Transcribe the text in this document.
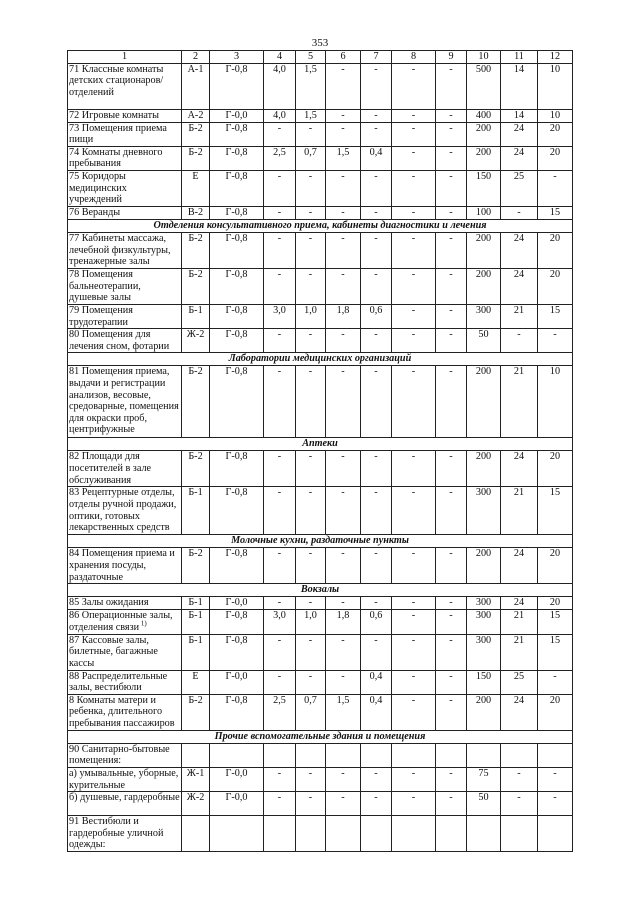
353
1	2	3	4	5	6	7	8	9	10	11	12
71 Классные комнаты детских стационаров/отделений	А-1	Г-0,8	4,0	1,5	-	-	-	-	500	14	10
72 Игровые комнаты	А-2	Г-0,0	4,0	1,5	-	-	-	-	400	14	10
73 Помещения приема пищи	Б-2	Г-0,8	-	-	-	-	-	-	200	24	20
74 Комнаты дневного пребывания	Б-2	Г-0,8	2,5	0,7	1,5	0,4	-	-	200	24	20
75 Коридоры медицинских учреждений	Е	Г-0,8	-	-	-	-	-	-	150	25	-
76 Веранды	В-2	Г-0,8	-	-	-	-	-	-	100	-	15
Отделения консультативного приема, кабинеты диагностики и лечения											
77 Кабинеты массажа, лечебной физкультуры, тренажерные залы	Б-2	Г-0,8	-	-	-	-	-	-	200	24	20
78 Помещения бальнеотерапии, душевые залы	Б-2	Г-0,8	-	-	-	-	-	-	200	24	20
79 Помещения трудотерапии	Б-1	Г-0,8	3,0	1,0	1,8	0,6	-	-	300	21	15
80 Помещения для лечения сном, фотарии	Ж-2	Г-0,8	-	-	-	-	-	-	50	-	-
Лаборатории медицинских организаций											
81 Помещения приема, выдачи и регистрации анализов, весовые, средоварные, помещения для окраски проб, центрифужные	Б-2	Г-0,8	-	-	-	-	-	-	200	21	10
Аптеки											
82 Площади для посетителей в зале обслуживания	Б-2	Г-0,8	-	-	-	-	-	-	200	24	20
83 Рецептурные отделы, отделы ручной продажи, оптики, готовых лекарственных средств	Б-1	Г-0,8	-	-	-	-	-	-	300	21	15
Молочные кухни, раздаточные пункты											
84 Помещения приема и хранения посуды, раздаточные	Б-2	Г-0,8	-	-	-	-	-	-	200	24	20
Вокзалы											
85 Залы ожидания	Б-1	Г-0,0	-	-	-	-	-	-	300	24	20
86 Операционные залы, отделения связи $^{1)}$	Б-1	Г-0,8	3,0	1,0	1,8	0,6	-	-	300	21	15
87 Кассовые залы, билетные, багажные кассы	Б-1	Г-0,8	-	-	-	-	-	-	300	21	15
88 Распределительные залы, вестибюли	Е	Г-0,0	-	-	-	0,4	-	-	150	25	-
8 Комнаты матери и ребенка, длительного пребывания пассажиров	Б-2	Г-0,8	2,5	0,7	1,5	0,4	-	-	200	24	20
Прочие вспомогательные здания и помещения											
90 Санитарно-бытовые помещения:											
а) умывальные, уборные, курительные	Ж-1	Г-0,0	-	-	-	-	-	-	75	-	-
б) душевые, гардеробные	Ж-2	Г-0,0	-	-	-	-	-	-	50	-	-
91 Вестибюли и гардеробные уличной одежды:											
